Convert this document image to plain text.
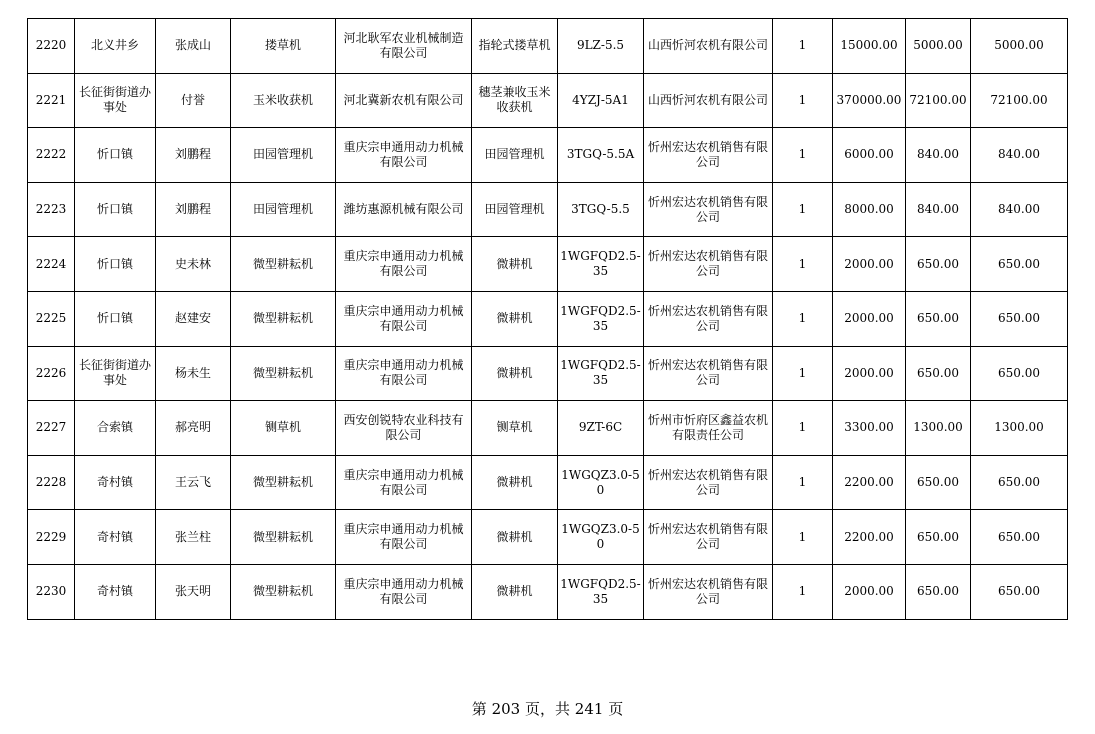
2220	北义井乡	张成山	搂草机	河北耿军农业机械制造有限公司	指轮式搂草机	9LZ-5.5	山西忻河农机有限公司	1	15000.00	5000.00	5000.00
2221	长征街街道办事处	付誉	玉米收获机	河北冀新农机有限公司	穗茎兼收玉米收获机	4YZJ-5A1	山西忻河农机有限公司	1	370000.00	72100.00	72100.00
2222	忻口镇	刘鹏程	田园管理机	重庆宗申通用动力机械有限公司	田园管理机	3TGQ-5.5A	忻州宏达农机销售有限公司	1	6000.00	840.00	840.00
2223	忻口镇	刘鹏程	田园管理机	潍坊惠源机械有限公司	田园管理机	3TGQ-5.5	忻州宏达农机销售有限公司	1	8000.00	840.00	840.00
2224	忻口镇	史未林	微型耕耘机	重庆宗申通用动力机械有限公司	微耕机	1WGFQD2.5-35	忻州宏达农机销售有限公司	1	2000.00	650.00	650.00
2225	忻口镇	赵建安	微型耕耘机	重庆宗申通用动力机械有限公司	微耕机	1WGFQD2.5-35	忻州宏达农机销售有限公司	1	2000.00	650.00	650.00
2226	长征街街道办事处	杨未生	微型耕耘机	重庆宗申通用动力机械有限公司	微耕机	1WGFQD2.5-35	忻州宏达农机销售有限公司	1	2000.00	650.00	650.00
2227	合索镇	郝亮明	铡草机	西安创锐特农业科技有限公司	铡草机	9ZT-6C	忻州市忻府区鑫益农机有限责任公司	1	3300.00	1300.00	1300.00
2228	奇村镇	王云飞	微型耕耘机	重庆宗申通用动力机械有限公司	微耕机	1WGQZ3.0-50	忻州宏达农机销售有限公司	1	2200.00	650.00	650.00
2229	奇村镇	张兰柱	微型耕耘机	重庆宗申通用动力机械有限公司	微耕机	1WGQZ3.0-50	忻州宏达农机销售有限公司	1	2200.00	650.00	650.00
2230	奇村镇	张天明	微型耕耘机	重庆宗申通用动力机械有限公司	微耕机	1WGFQD2.5-35	忻州宏达农机销售有限公司	1	2000.00	650.00	650.00
第 203 页，共 241 页
